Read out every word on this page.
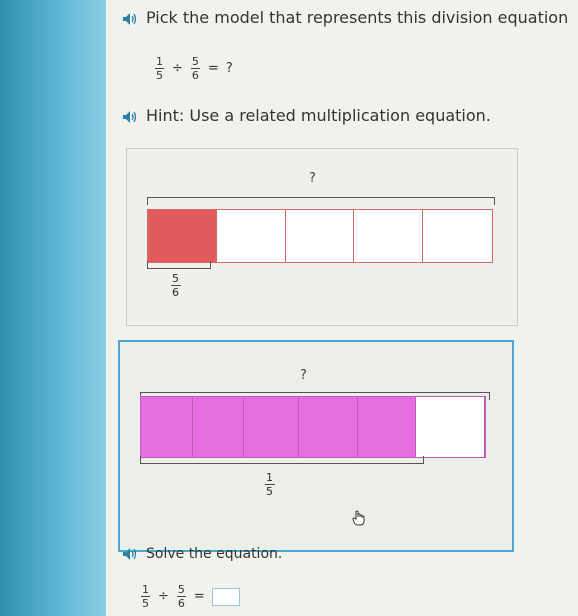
Pick the model that represents this division equation
$\frac{1}{5} \div \frac{5}{6}$ = ?
Hint: Use a related multiplication equation.
?
5
6
?
1
5
Solve the equation.
$\frac{1}{5} \div \frac{5}{6}$ =
